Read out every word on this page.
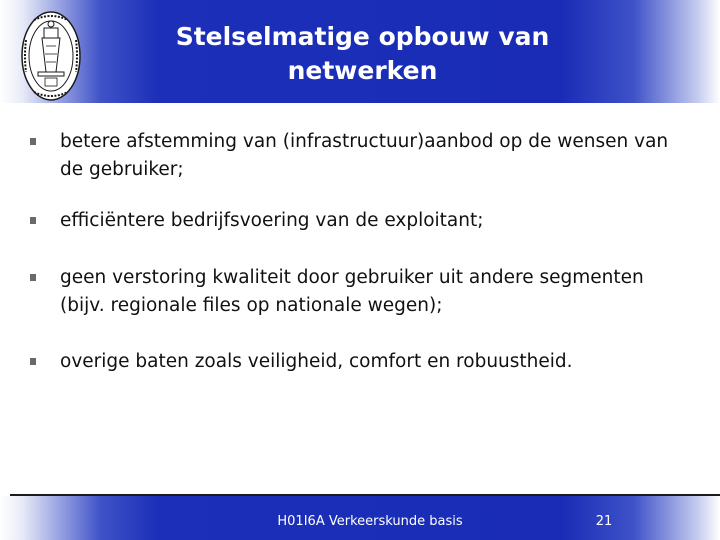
Stelselmatige opbouw van netwerken
betere afstemming van (infrastructuur)aanbod op de wensen van de gebruiker;
efficiëntere bedrijfsvoering van de exploitant;
geen verstoring kwaliteit door gebruiker uit andere segmenten (bijv. regionale files op nationale wegen);
overige baten zoals veiligheid, comfort en robuustheid.
H01I6A Verkeerskunde basis	21
